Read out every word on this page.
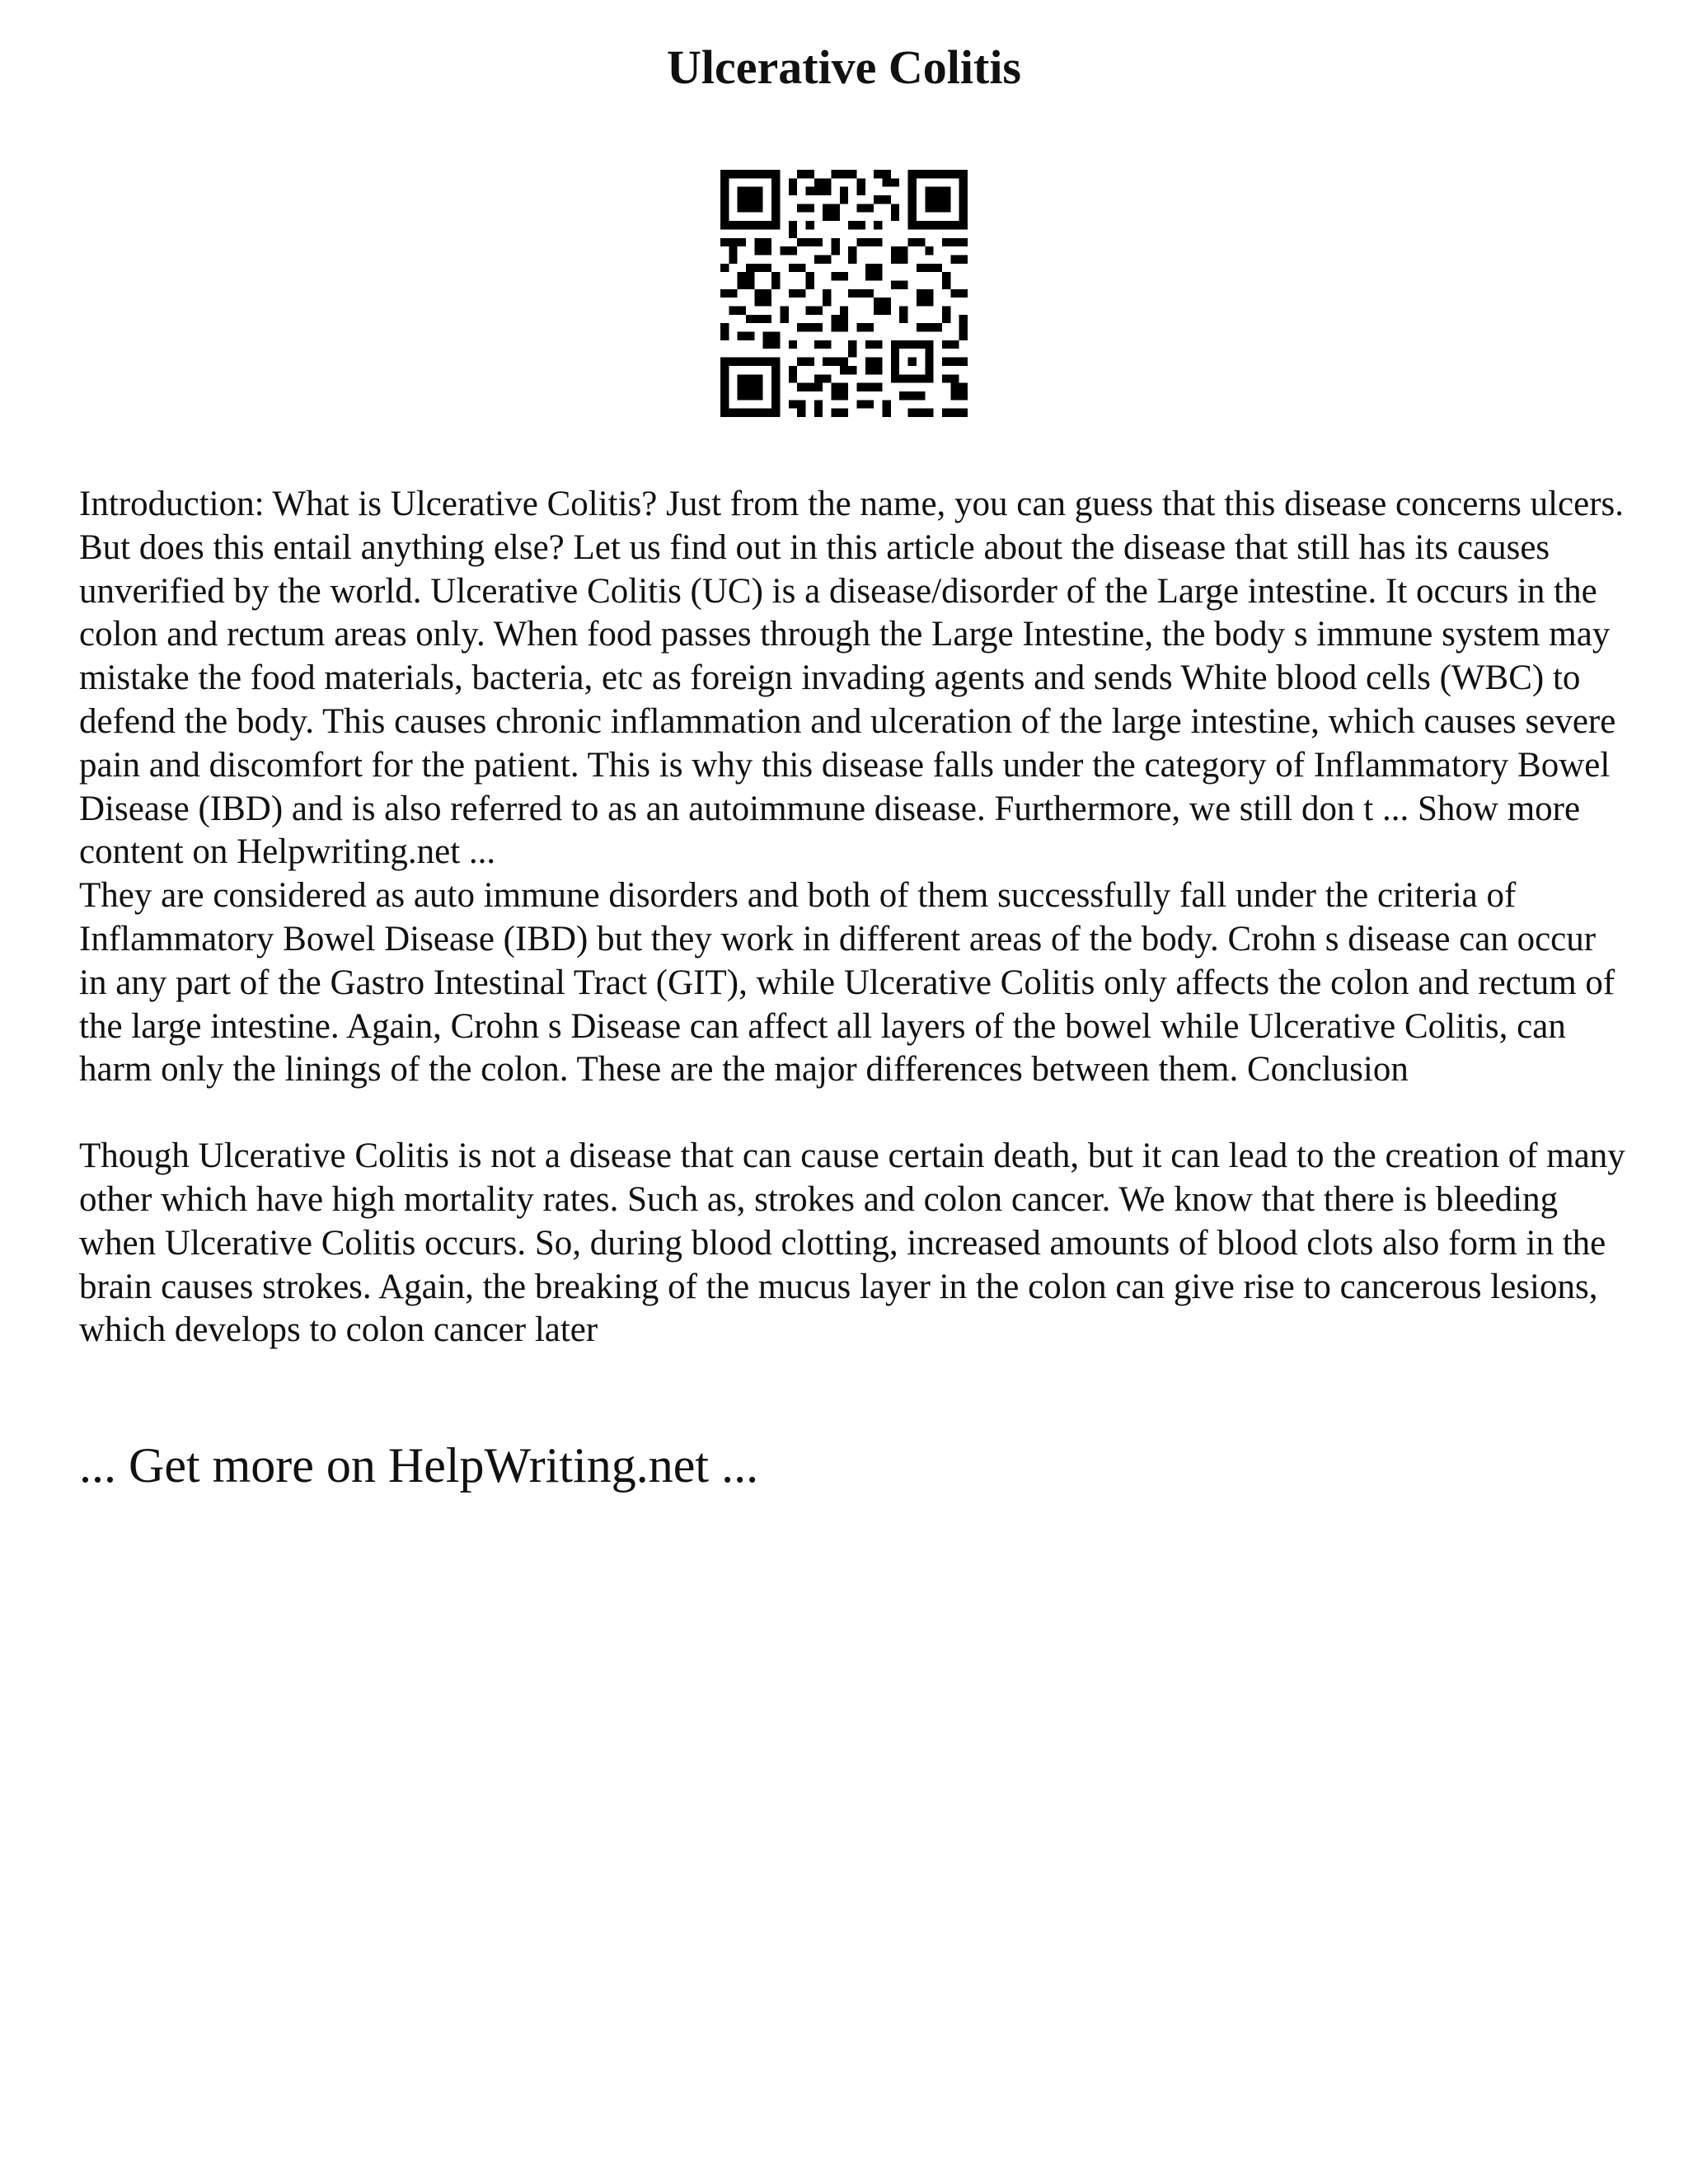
Ulcerative Colitis

Introduction: What is Ulcerative Colitis? Just from the name, you can guess that this disease concerns ulcers. But does this entail anything else? Let us find out in this article about the disease that still has its causes unverified by the world. Ulcerative Colitis (UC) is a disease/disorder of the Large intestine. It occurs in the colon and rectum areas only. When food passes through the Large Intestine, the body s immune system may mistake the food materials, bacteria, etc as foreign invading agents and sends White blood cells (WBC) to defend the body. This causes chronic inflammation and ulceration of the large intestine, which causes severe pain and discomfort for the patient. This is why this disease falls under the category of Inflammatory Bowel Disease (IBD) and is also referred to as an autoimmune disease. Furthermore, we still don t ... Show more content on Helpwriting.net ...

They are considered as auto immune disorders and both of them successfully fall under the criteria of Inflammatory Bowel Disease (IBD) but they work in different areas of the body. Crohn s disease can occur in any part of the Gastro Intestinal Tract (GIT), while Ulcerative Colitis only affects the colon and rectum of the large intestine. Again, Crohn s Disease can affect all layers of the bowel while Ulcerative Colitis, can harm only the linings of the colon. These are the major differences between them. Conclusion

Though Ulcerative Colitis is not a disease that can cause certain death, but it can lead to the creation of many other which have high mortality rates. Such as, strokes and colon cancer. We know that there is bleeding when Ulcerative Colitis occurs. So, during blood clotting, increased amounts of blood clots also form in the brain causes strokes. Again, the breaking of the mucus layer in the colon can give rise to cancerous lesions, which develops to colon cancer later

... Get more on HelpWriting.net ...
